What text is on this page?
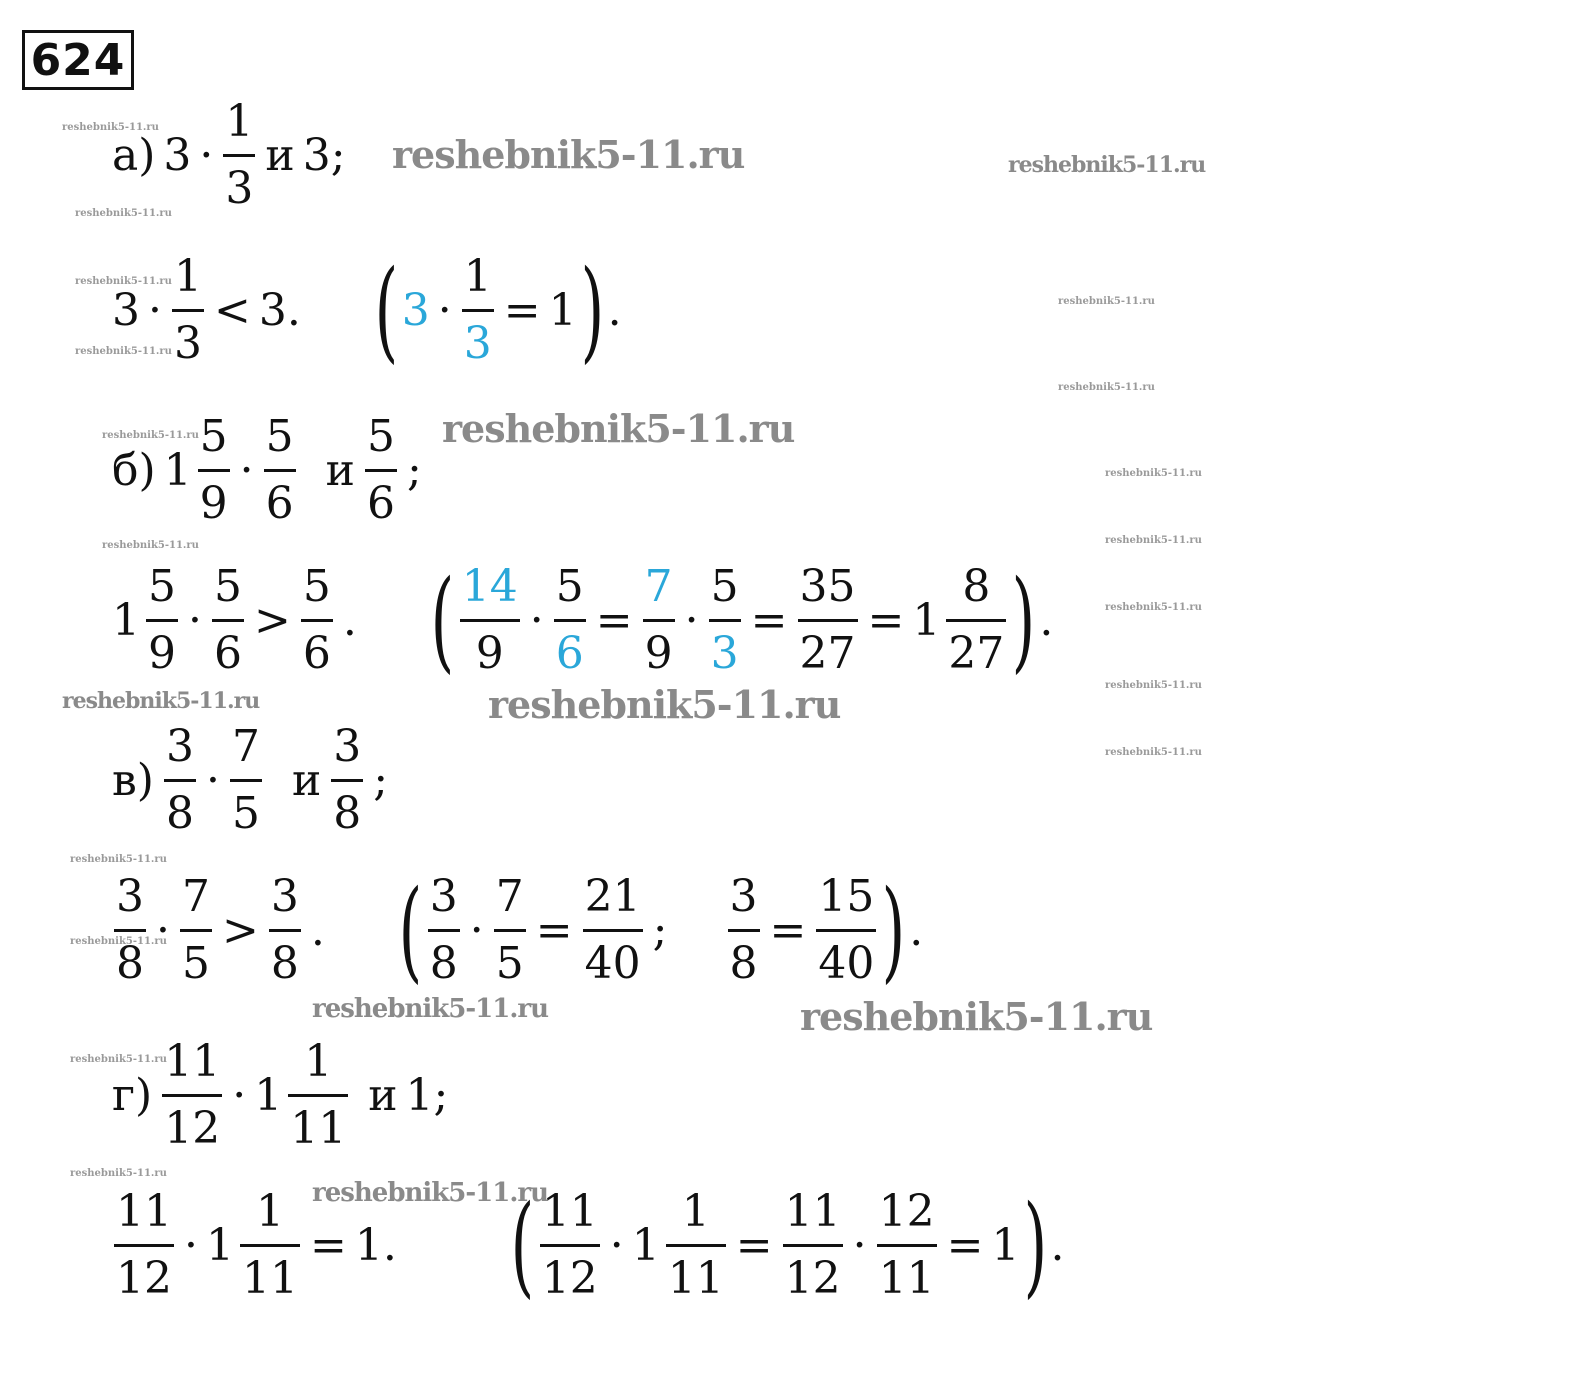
624
а) $3 \cdot \frac{1}{3}$ и 3;
$3 \cdot \frac{1}{3} < 3$. ( $3 \cdot \frac{1}{3} = 1$ ) .
б) $1 \frac{5}{9} \cdot \frac{5}{6}$ и $\frac{5}{6}$ ;
$1 \frac{5}{9} \cdot \frac{5}{6} > \frac{5}{6}$ . ( $\frac{14}{9} \cdot \frac{5}{6} = \frac{7}{9} \cdot \frac{5}{3} = \frac{35}{27} = 1 \frac{8}{27}$ ) .
$в) \frac{3}{8} \cdot \frac{7}{5}$ и $\frac{3}{8}$ ;
$\frac{3}{8} \cdot \frac{7}{5} > \frac{3}{8}$ . ( $\frac{3}{8} \cdot \frac{7}{5} = \frac{21}{40}$ ; $\frac{3}{8} = \frac{15}{40}$ ) .
$г) \frac{11}{12} \cdot 1 \frac{1}{11}$ и 1;
$\frac{11}{12} \cdot 1 \frac{1}{11} = 1$. ( $\frac{11}{12} \cdot 1 \frac{1}{11} = \frac{11}{12} \cdot \frac{12}{11} = 1$ ) .
reshebnik5-11.ru	reshebnik5-11.ru
reshebnik5-11.ru
reshebnik5-11.ru
reshebnik5-11.ru
reshebnik5-11.ru	reshebnik5-11.ru
reshebnik5-11.ru
reshebnik5-11.ru
reshebnik5-11.ru
reshebnik5-11.ru
reshebnik5-11.ru
reshebnik5-11.ru
reshebnik5-11.ru
reshebnik5-11.ru
reshebnik5-11.ru
reshebnik5-11.ru
reshebnik5-11.ru
reshebnik5-11.ru
reshebnik5-11.ru
reshebnik5-11.ru
reshebnik5-11.ru
reshebnik5-11.ru
reshebnik5-11.ru
reshebnik5-11.ru
